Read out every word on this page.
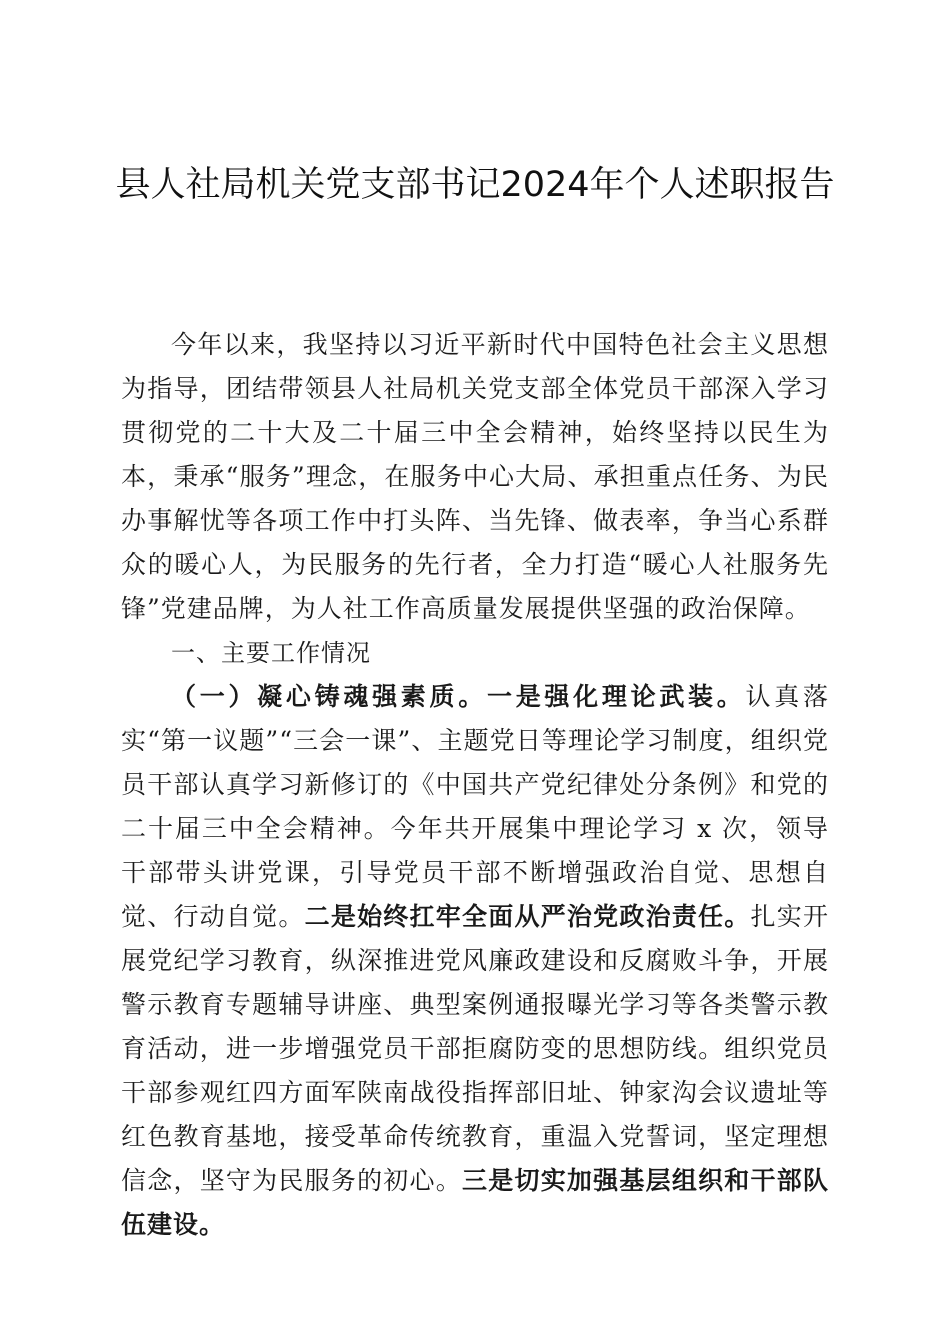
县人社局机关党支部书记2024年个人述职报告

今年以来，我坚持以习近平新时代中国特色社会主义思想为指导，团结带领县人社局机关党支部全体党员干部深入学习贯彻党的二十大及二十届三中全会精神，始终坚持以民生为本，秉承“服务”理念，在服务中心大局、承担重点任务、为民办事解忧等各项工作中打头阵、当先锋、做表率，争当心系群众的暖心人，为民服务的先行者，全力打造“暖心人社服务先锋”党建品牌，为人社工作高质量发展提供坚强的政治保障。

一、主要工作情况

（一）凝心铸魂强素质。一是强化理论武装。认真落实“第一议题”“三会一课”、主题党日等理论学习制度，组织党员干部认真学习新修订的《中国共产党纪律处分条例》和党的二十届三中全会精神。今年共开展集中理论学习 x 次，领导干部带头讲党课，引导党员干部不断增强政治自觉、思想自觉、行动自觉。二是始终扛牢全面从严治党政治责任。扎实开展党纪学习教育，纵深推进党风廉政建设和反腐败斗争，开展警示教育专题辅导讲座、典型案例通报曝光学习等各类警示教育活动，进一步增强党员干部拒腐防变的思想防线。组织党员干部参观红四方面军陕南战役指挥部旧址、钟家沟会议遗址等红色教育基地，接受革命传统教育，重温入党誓词，坚定理想信念，坚守为民服务的初心。三是切实加强基层组织和干部队伍建设。
